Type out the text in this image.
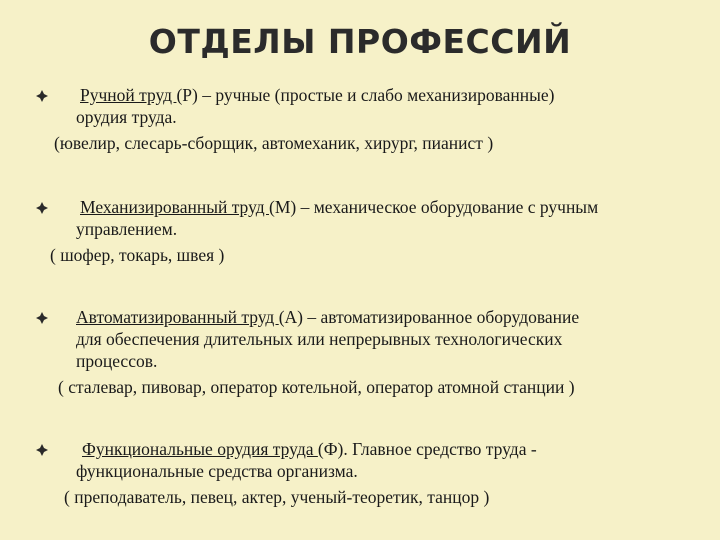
ОТДЕЛЫ ПРОФЕССИЙ
Ручной труд (Р) – ручные (простые и слабо механизированные)
орудия труда.
(ювелир, слесарь-сборщик, автомеханик, хирург, пианист )
Механизированный труд (М) – механическое оборудование с ручным
управлением.
( шофер, токарь, швея )
Автоматизированный труд (А) – автоматизированное оборудование
для обеспечения длительных или непрерывных технологических
процессов.
( сталевар, пивовар, оператор котельной, оператор атомной станции )
Функциональные орудия труда (Ф). Главное средство труда -
функциональные средства организма.
( преподаватель, певец, актер, ученый-теоретик, танцор )
